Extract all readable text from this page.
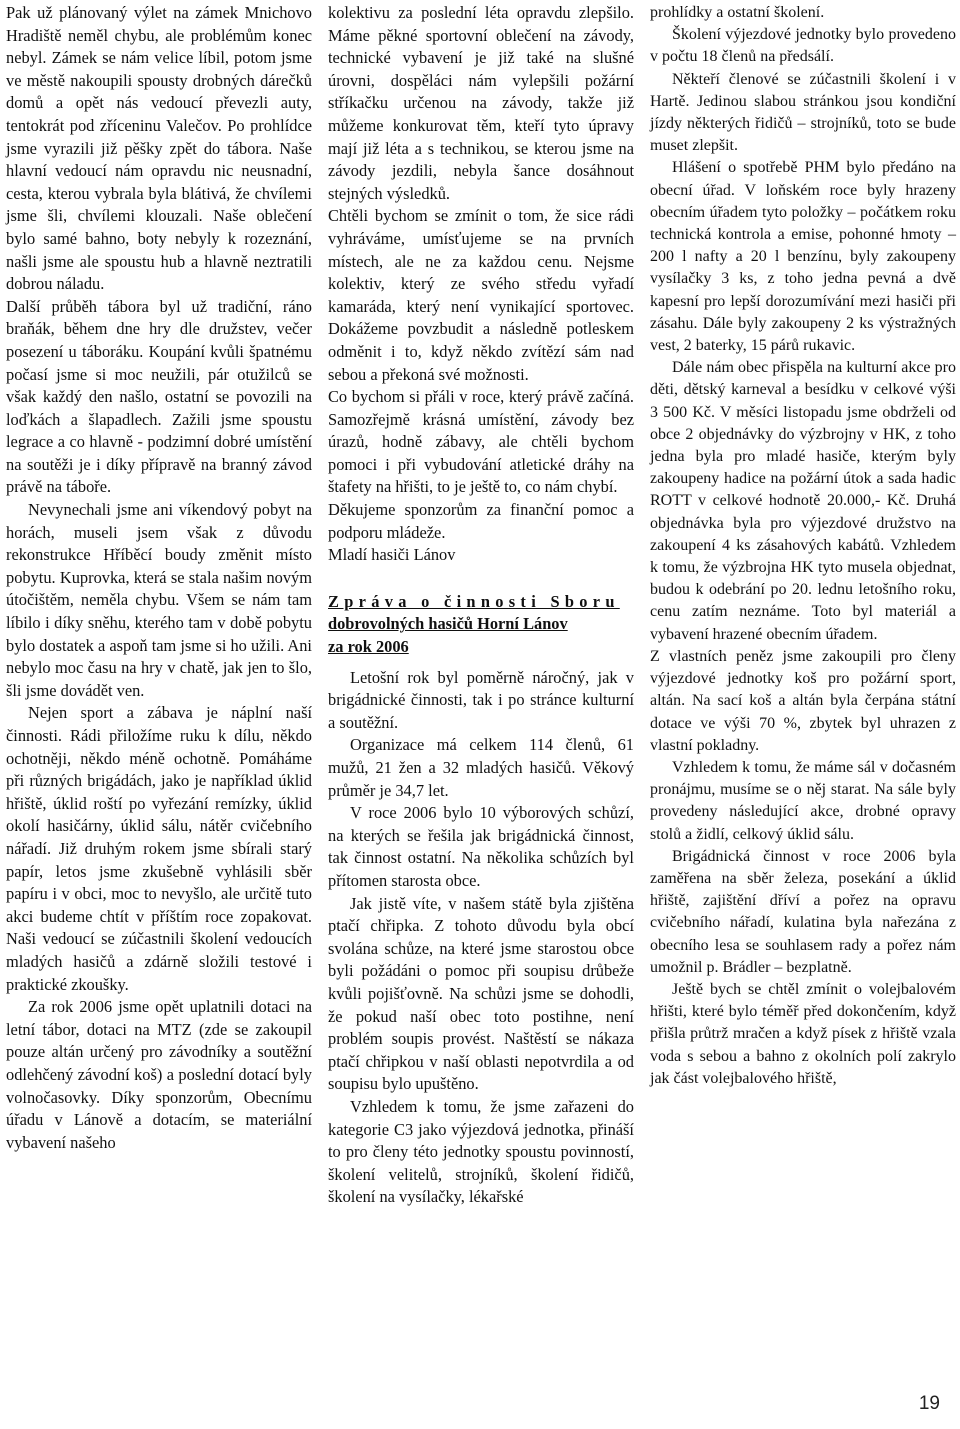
Pak už plánovaný výlet na zámek Mnichovo Hradiště neměl chybu, ale problémům konec nebyl. Zámek se nám velice líbil, potom jsme ve městě nakoupili spousty drobných dárečků domů a opět nás vedoucí převezli auty, tentokrát pod zříceninu Valečov. Po prohlídce jsme vyrazili již pěšky zpět do tábora. Naše hlavní vedoucí nám opravdu nic neusnadní, cesta, kterou vybrala byla blátivá, že chvílemi jsme šli, chvílemi klouzali. Naše oblečení bylo samé bahno, boty nebyly k rozeznání, našli jsme ale spoustu hub a hlavně neztratili dobrou náladu.

Další průběh tábora byl už tradiční, ráno braňák, během dne hry dle družstev, večer posezení u táboráku. Koupání kvůli špatnému počasí jsme si moc neužili, pár otužilců se však každý den našlo, ostatní se povozili na loďkách a šlapadlech. Zažili jsme spoustu legrace a co hlavně - podzimní dobré umístění na soutěži je i díky přípravě na branný závod právě na táboře.

Nevynechali jsme ani víkendový pobyt na horách, museli jsem však z důvodu rekonstrukce Hříběcí boudy změnit místo pobytu. Kuprovka, která se stala našim novým útočištěm, neměla chybu. Všem se nám tam líbilo i díky sněhu, kterého tam v době pobytu bylo dostatek a aspoň tam jsme si ho užili. Ani nebylo moc času na hry v chatě, jak jen to šlo, šli jsme dovádět ven.

Nejen sport a zábava je náplní naší činnosti. Rádi přiložíme ruku k dílu, někdo ochotněji, někdo méně ochotně. Pomáháme při různých brigádách, jako je například úklid hřiště, úklid roští po vyřezání remízky, úklid okolí hasičárny, úklid sálu, nátěr cvičebního nářadí. Již druhým rokem jsme sbírali starý papír, letos jsme zkušebně vyhlásili sběr papíru i v obci, moc to nevyšlo, ale určitě tuto akci budeme chtít v příštím roce zopakovat. Naši vedoucí se zúčastnili školení vedoucích mladých hasičů a zdárně složili testové i praktické zkoušky.

Za rok 2006 jsme opět uplatnili dotaci na letní tábor, dotaci na MTZ (zde se zakoupil pouze altán určený pro závodníky a soutěžní odlehčený závodní koš) a poslední dotací byly volnočasovky. Díky sponzorům, Obecnímu úřadu v Lánově a dotacím, se materiální vybavení našeho

kolektivu za poslední léta opravdu zlepšilo. Máme pěkné sportovní oblečení na závody, technické vybavení je již také na slušné úrovni, dospěláci nám vylepšili požární stříkačku určenou na závody, takže již můžeme konkurovat těm, kteří tyto úpravy mají již léta a s technikou, se kterou jsme na závody jezdili, nebyla šance dosáhnout stejných výsledků.

Chtěli bychom se zmínit o tom, že sice rádi vyhráváme, umísťujeme se na prvních místech, ale ne za každou cenu. Nejsme kolektiv, který ze svého středu vyřadí kamaráda, který není vynikající sportovec. Dokážeme povzbudit a následně potleskem odměnit i to, když někdo zvítězí sám nad sebou a překoná své možnosti.

Co bychom si přáli v roce, který právě začíná. Samozřejmě krásná umístění, závody bez úrazů, hodně zábavy, ale chtěli bychom pomoci i při vybudování atletické dráhy na štafety na hřišti, to je ještě to, co nám chybí.

Děkujeme sponzorům za finanční pomoc a podporu mládeže.

Mladí hasiči Lánov

Zpráva o činnosti Sboru
dobrovolných hasičů Horní Lánov
za rok 2006

Letošní rok byl poměrně náročný, jak v brigádnické činnosti, tak i po stránce kulturní a soutěžní.

Organizace má celkem 114 členů, 61 mužů, 21 žen a 32 mladých hasičů. Věkový průměr je 34,7 let.

V roce 2006 bylo 10 výborových schůzí, na kterých se řešila jak brigádnická činnost, tak činnost ostatní. Na několika schůzích byl přítomen starosta obce.

Jak jistě víte, v našem státě byla zjištěna ptačí chřipka. Z tohoto důvodu byla obcí svolána schůze, na které jsme starostou obce byli požádáni o pomoc při soupisu drůbeže kvůli pojišťovně. Na schůzi jsme se dohodli, že pokud naší obec toto postihne, není problém soupis provést. Naštěstí se nákaza ptačí chřipkou v naší oblasti nepotvrdila a od soupisu bylo upuštěno.

Vzhledem k tomu, že jsme zařazeni do kategorie C3 jako výjezdová jednotka, přináší to pro členy této jednotky spoustu povinností, školení velitelů, strojníků, školení řidičů, školení na vysílačky, lékařské

prohlídky a ostatní školení.

Školení výjezdové jednotky bylo provedeno v počtu 18 členů na předsálí.

Někteří členové se zúčastnili školení i v Hartě. Jedinou slabou stránkou jsou kondiční jízdy některých řidičů – strojníků, toto se bude muset zlepšit.

Hlášení o spotřebě PHM bylo předáno na obecní úřad. V loňském roce byly hrazeny obecním úřadem tyto položky – počátkem roku technická kontrola a emise, pohonné hmoty – 200 l nafty a 20 l benzínu, byly zakoupeny vysílačky 3 ks, z toho jedna pevná a dvě kapesní pro lepší dorozumívání mezi hasiči při zásahu. Dále byly zakoupeny 2 ks výstražných vest, 2 baterky, 15 párů rukavic.

Dále nám obec přispěla na kulturní akce pro děti, dětský karneval a besídku v celkové výši 3 500 Kč. V měsíci listopadu jsme obdrželi od obce 2 objednávky do výzbrojny v HK, z toho jedna byla pro mladé hasiče, kterým byly zakoupeny hadice na požární útok a sada hadic ROTT v celkové hodnotě 20.000,- Kč. Druhá objednávka byla pro výjezdové družstvo na zakoupení 4 ks zásahových kabátů. Vzhledem k tomu, že výzbrojna HK tyto musela objednat, budou k odebrání po 20. lednu letošního roku, cenu zatím neznáme. Toto byl materiál a vybavení hrazené obecním úřadem.

Z vlastních peněz jsme zakoupili pro členy výjezdové jednotky koš pro požární sport, altán. Na sací koš a altán byla čerpána státní dotace ve výši 70 %, zbytek byl uhrazen z vlastní pokladny.

Vzhledem k tomu, že máme sál v dočasném pronájmu, musíme se o něj starat. Na sále byly provedeny následující akce, drobné opravy stolů a židlí, celkový úklid sálu.

Brigádnická činnost v roce 2006 byla zaměřena na sběr železa, posekání a úklid hřiště, zajištění dříví a pořez na opravu cvičebního nářadí, kulatina byla nařezána z obecního lesa se souhlasem rady a pořez nám umožnil p. Brádler – bezplatně.

Ještě bych se chtěl zmínit o volejbalovém hřišti, které bylo téměř před dokončením, když přišla průtrž mračen a když písek z hřiště vzala voda s sebou a bahno z okolních polí zakrylo jak část volejbalového hřiště,

19
